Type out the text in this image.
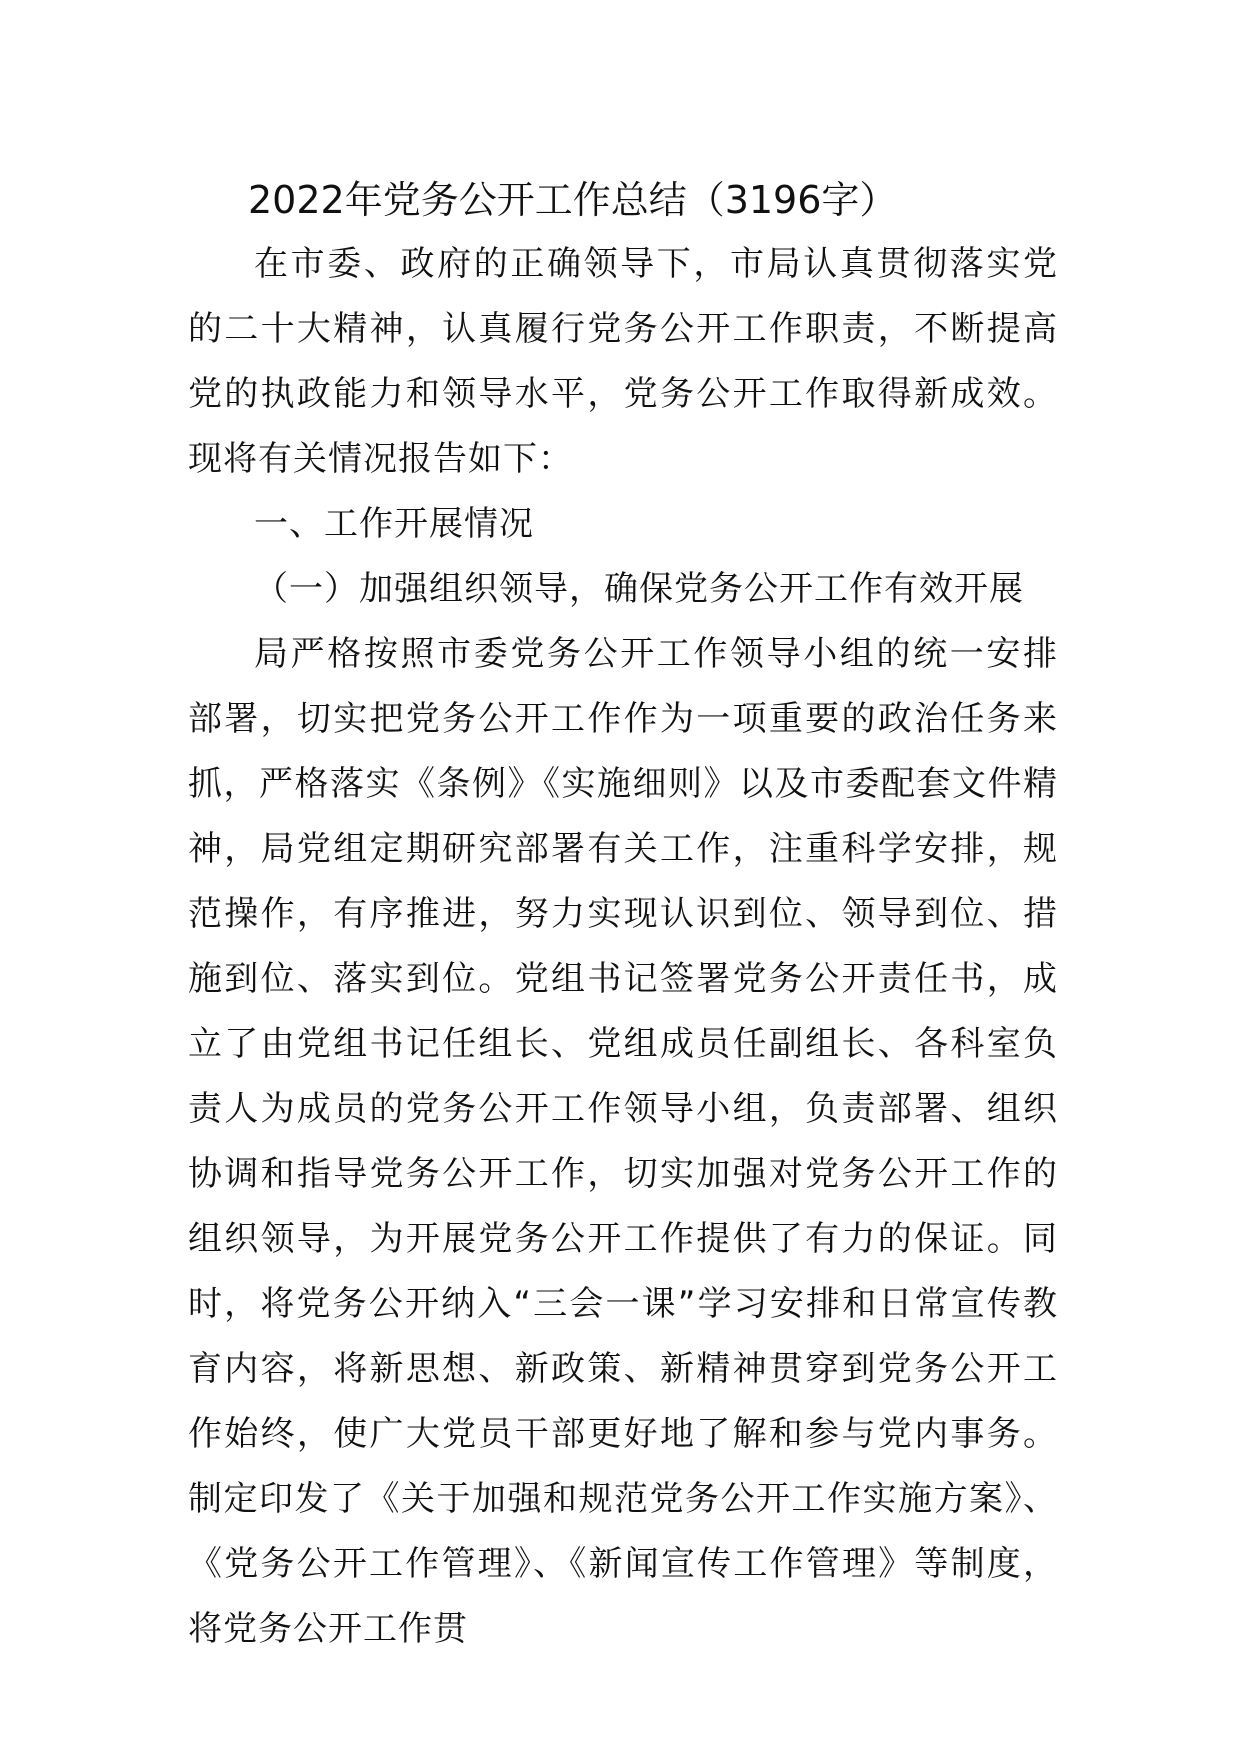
2022年党务公开工作总结（3196字）

在市委、政府的正确领导下，市局认真贯彻落实党的二十大精神，认真履行党务公开工作职责，不断提高党的执政能力和领导水平，党务公开工作取得新成效。现将有关情况报告如下：

一、工作开展情况

（一）加强组织领导，确保党务公开工作有效开展

局严格按照市委党务公开工作领导小组的统一安排部署，切实把党务公开工作作为一项重要的政治任务来抓，严格落实《条例》《实施细则》以及市委配套文件精神，局党组定期研究部署有关工作，注重科学安排，规范操作，有序推进，努力实现认识到位、领导到位、措施到位、落实到位。党组书记签署党务公开责任书，成立了由党组书记任组长、党组成员任副组长、各科室负责人为成员的党务公开工作领导小组，负责部署、组织协调和指导党务公开工作，切实加强对党务公开工作的组织领导，为开展党务公开工作提供了有力的保证。同时，将党务公开纳入“三会一课”学习安排和日常宣传教育内容，将新思想、新政策、新精神贯穿到党务公开工作始终，使广大党员干部更好地了解和参与党内事务。制定印发了《关于加强和规范党务公开工作实施方案》、《党务公开工作管理》、《新闻宣传工作管理》等制度，将党务公开工作贯
